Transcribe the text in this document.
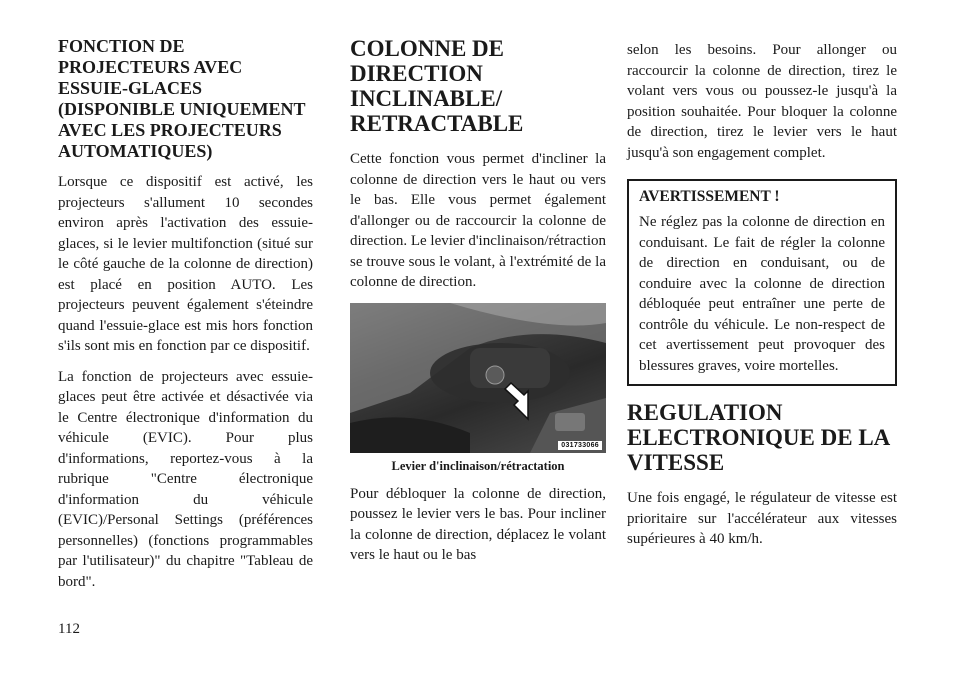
FONCTION DE PROJECTEURS AVEC ESSUIE-GLACES (DISPONIBLE UNIQUEMENT AVEC LES PROJECTEURS AUTOMATIQUES)

Lorsque ce dispositif est activé, les projecteurs s'allument 10 secondes environ après l'activation des essuie-glaces, si le levier multifonction (situé sur le côté gauche de la colonne de direction) est placé en position AUTO. Les projecteurs peuvent également s'éteindre quand l'essuie-glace est mis hors fonction s'ils sont mis en fonction par ce dispositif.

La fonction de projecteurs avec essuie-glaces peut être activée et désactivée via le Centre électronique d'information du véhicule (EVIC). Pour plus d'informations, reportez-vous à la rubrique "Centre électronique d'information du véhicule (EVIC)/Personal Settings (préférences personnelles) (fonctions programmables par l'utilisateur)" du chapitre "Tableau de bord".

COLONNE DE DIRECTION INCLINABLE/ RETRACTABLE

Cette fonction vous permet d'incliner la colonne de direction vers le haut ou vers le bas. Elle vous permet également d'allonger ou de raccourcir la colonne de direction. Le levier d'inclinaison/rétraction se trouve sous le volant, à l'extrémité de la colonne de direction.

031733066
Levier d'inclinaison/rétractation

Pour débloquer la colonne de direction, poussez le levier vers le bas. Pour incliner la colonne de direction, déplacez le volant vers le haut ou le bas

selon les besoins. Pour allonger ou raccourcir la colonne de direction, tirez le volant vers vous ou poussez-le jusqu'à la position souhaitée. Pour bloquer la colonne de direction, tirez le levier vers le haut jusqu'à son engagement complet.

AVERTISSEMENT !

Ne réglez pas la colonne de direction en conduisant. Le fait de régler la colonne de direction en conduisant, ou de conduire avec la colonne de direction débloquée peut entraîner une perte de contrôle du véhicule. Le non-respect de cet avertissement peut provoquer des blessures graves, voire mortelles.

REGULATION ELECTRONIQUE DE LA VITESSE

Une fois engagé, le régulateur de vitesse est prioritaire sur l'accélérateur aux vitesses supérieures à 40 km/h.

112
